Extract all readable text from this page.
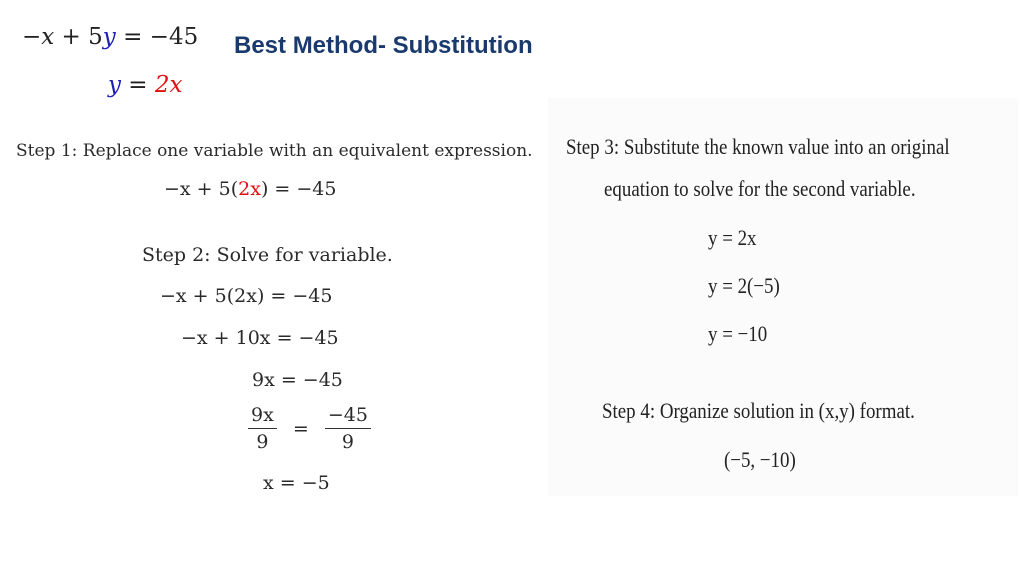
−x + 5y = −45
y = 2x
Best Method- Substitution
Step 1: Replace one variable with an equivalent expression.
−x + 5(2x) = −45
Step 2: Solve for variable.
−x + 5(2x) = −45
−x + 10x = −45
9x = −45
$\frac{9x}{9} = \frac{-45}{9}$
x = −5
Step 3: Substitute the known value into an original
equation to solve for the second variable.
y = 2x
y = 2(−5)
y = −10
Step 4: Organize solution in (x,y) format.
(−5, −10)
